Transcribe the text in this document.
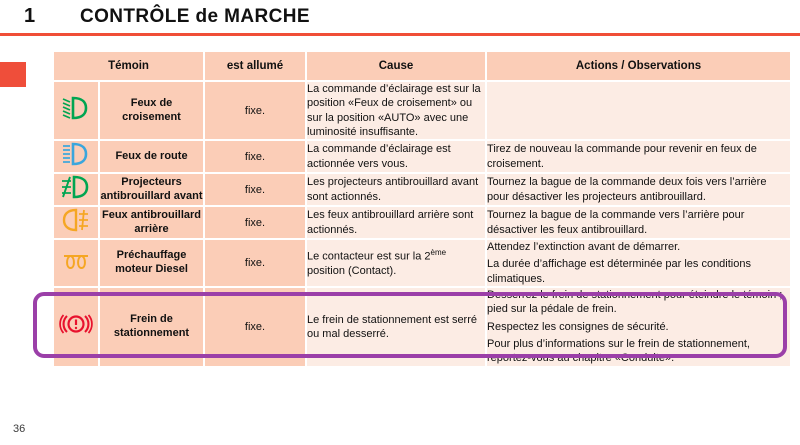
1 CONTRÔLE de MARCHE
36
Témoin		est allumé	Cause	Actions / Observations
	Feux de croisement	fixe.	La commande d’éclairage est sur la position «Feux de croisement» ou sur la position «AUTO» avec une luminosité insuffisante.	

	Feux de route	fixe.	La commande d’éclairage est actionnée vers vous.	Tirez de nouveau la commande pour revenir en feux de croisement.

	Projecteurs antibrouillard avant	fixe.	Les projecteurs antibrouillard avant sont actionnés.	Tournez la bague de la commande deux fois vers l’arrière pour désactiver les projecteurs antibrouillard.

	Feux antibrouillard arrière	fixe.	Les feux antibrouillard arrière sont actionnés.	Tournez la bague de la commande vers l’arrière pour désactiver les feux antibrouillard.

	Préchauffage moteur Diesel	fixe.	Le contacteur est sur la 2ème position (Contact).	Attendez l’extinction avant de démarrer.

La durée d’affichage est déterminée par les conditions climatiques.

	Frein de stationnement	fixe.	Le frein de stationnement est serré ou mal desserré.	Desserrez le frein de stationnement pour éteindre le témoin ; pied sur la pédale de frein.

Respectez les consignes de sécurité.

Pour plus d’informations sur le frein de stationnement, reportez-vous au chapitre «Conduite».
